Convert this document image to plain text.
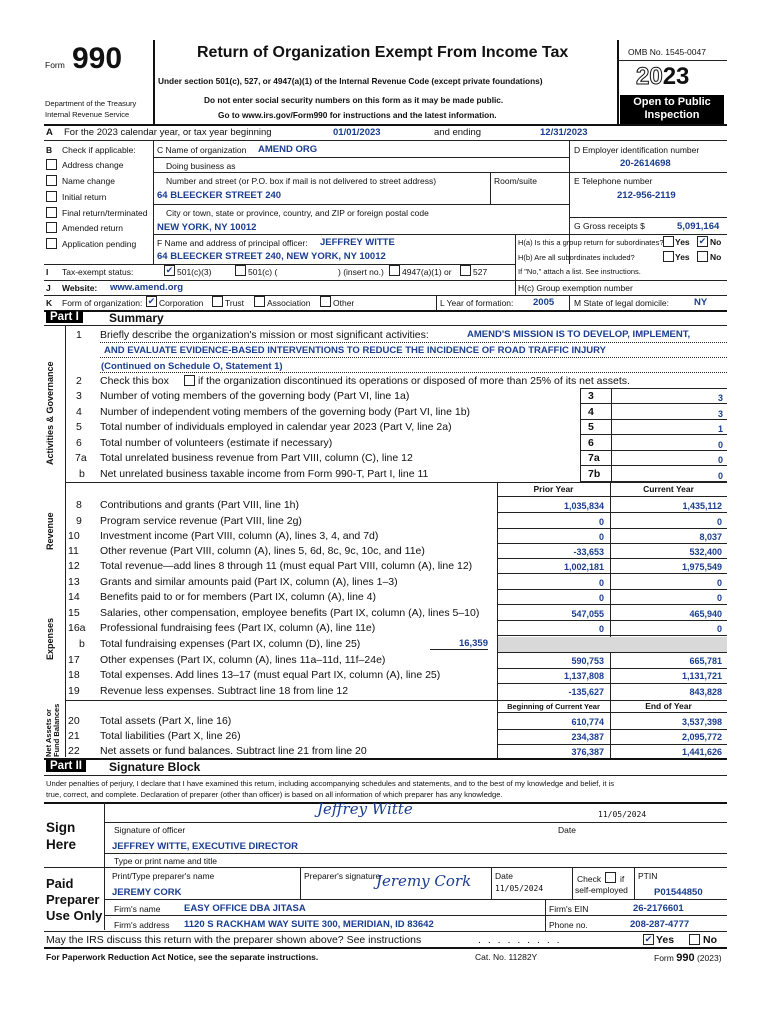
Form 990
Department of the Treasury
Internal Revenue Service
Return of Organization Exempt From Income Tax
Under section 501(c), 527, or 4947(a)(1) of the Internal Revenue Code (except private foundations)
Do not enter social security numbers on this form as it may be made public.
Go to www.irs.gov/Form990 for instructions and the latest information.
OMB No. 1545-0047
2023
Open to Public
Inspection
A For the 2023 calendar year, or tax year beginning	01/01/2023	and ending	12/31/2023
B Check if applicable:
Address change
Name change
Initial return
Final return/terminated
Amended return
Application pending
C Name of organization AMEND ORG
Doing business as
Number and street (or P.O. box if mail is not delivered to street address)	Room/suite
64 BLEECKER STREET 240
City or town, state or province, country, and ZIP or foreign postal code
NEW YORK, NY 10012
D Employer identification number
20-2614698
E Telephone number
212-956-2119
G Gross receipts $	5,091,164
F Name and address of principal officer: JEFFREY WITTE
64 BLEECKER STREET 240, NEW YORK, NY 10012
H(a) Is this a group return for subordinates? Yes ✔ No
H(b) Are all subordinates included?	Yes No
If "No," attach a list. See instructions.
I Tax-exempt status:	✔ 501(c)(3)	501(c) (	) (insert no.) 4947(a)(1) or	527
J Website: www.amend.org	H(c) Group exemption number
K Form of organization: ✔ Corporation	Trust	Association	Other	L Year of formation: 2005 M State of legal domicile:	NY
Part I	Summary
Activities & Governance
Revenue
Expenses
Net Assets or Fund Balances
1 Briefly describe the organization's mission or most significant activities:	AMEND'S MISSION IS TO DEVELOP, IMPLEMENT,
AND EVALUATE EVIDENCE-BASED INTERVENTIONS TO REDUCE THE INCIDENCE OF ROAD TRAFFIC INJURY
(Continued on Schedule O, Statement 1)
2 Check this box	if the organization discontinued its operations or disposed of more than 25% of its net assets.
3 Number of voting members of the governing body (Part VI, line 1a)	3	3
4 Number of independent voting members of the governing body (Part VI, line 1b)	4	3
5 Total number of individuals employed in calendar year 2023 (Part V, line 2a)	5	1
6 Total number of volunteers (estimate if necessary)	6	0
7a Total unrelated business revenue from Part VIII, column (C), line 12	7a	0
b Net unrelated business taxable income from Form 990-T, Part I, line 11	7b	0
Prior Year	Current Year
8 Contributions and grants (Part VIII, line 1h)	1,035,834	1,435,112
9 Program service revenue (Part VIII, line 2g)	0	0
10 Investment income (Part VIII, column (A), lines 3, 4, and 7d)	0	8,037
11 Other revenue (Part VIII, column (A), lines 5, 6d, 8c, 9c, 10c, and 11e)	-33,653	532,400
12 Total revenue—add lines 8 through 11 (must equal Part VIII, column (A), line 12)	1,002,181	1,975,549
13 Grants and similar amounts paid (Part IX, column (A), lines 1–3)	0	0
14 Benefits paid to or for members (Part IX, column (A), line 4)	0	0
15 Salaries, other compensation, employee benefits (Part IX, column (A), lines 5–10)	547,055	465,940
16a Professional fundraising fees (Part IX, column (A), line 11e)	0	0
b Total fundraising expenses (Part IX, column (D), line 25)	16,359
17 Other expenses (Part IX, column (A), lines 11a–11d, 11f–24e)	590,753	665,781
18 Total expenses. Add lines 13–17 (must equal Part IX, column (A), line 25)	1,137,808	1,131,721
19 Revenue less expenses. Subtract line 18 from line 12	-135,627	843,828
Beginning of Current Year	End of Year
20 Total assets (Part X, line 16)	610,774	3,537,398
21 Total liabilities (Part X, line 26)	234,387	2,095,772
22 Net assets or fund balances. Subtract line 21 from line 20	376,387	1,441,626
Part II	Signature Block
Under penalties of perjury, I declare that I have examined this return, including accompanying schedules and statements, and to the best of my knowledge and belief, it is
true, correct, and complete. Declaration of preparer (other than officer) is based on all information of which preparer has any knowledge.
Sign
Here
Jeffrey Witte	11/05/2024
Signature of officer	Date
JEFFREY WITTE, EXECUTIVE DIRECTOR
Type or print name and title
Paid
Preparer
Use Only
Print/Type preparer's name
JEREMY CORK
Preparer's signature
Jeremy Cork	Date
11/05/2024
Check if
self-employed
PTIN
P01544850
Firm's name EASY OFFICE DBA JITASA	Firm's EIN	26-2176601
Firm's address 1120 S RACKHAM WAY SUITE 300, MERIDIAN, ID 83642	Phone no.	208-287-4777
May the IRS discuss this return with the preparer shown above? See instructions	. . . . . . . . .	✔ Yes	No
For Paperwork Reduction Act Notice, see the separate instructions.	Cat. No. 11282Y	Form 990 (2023)
